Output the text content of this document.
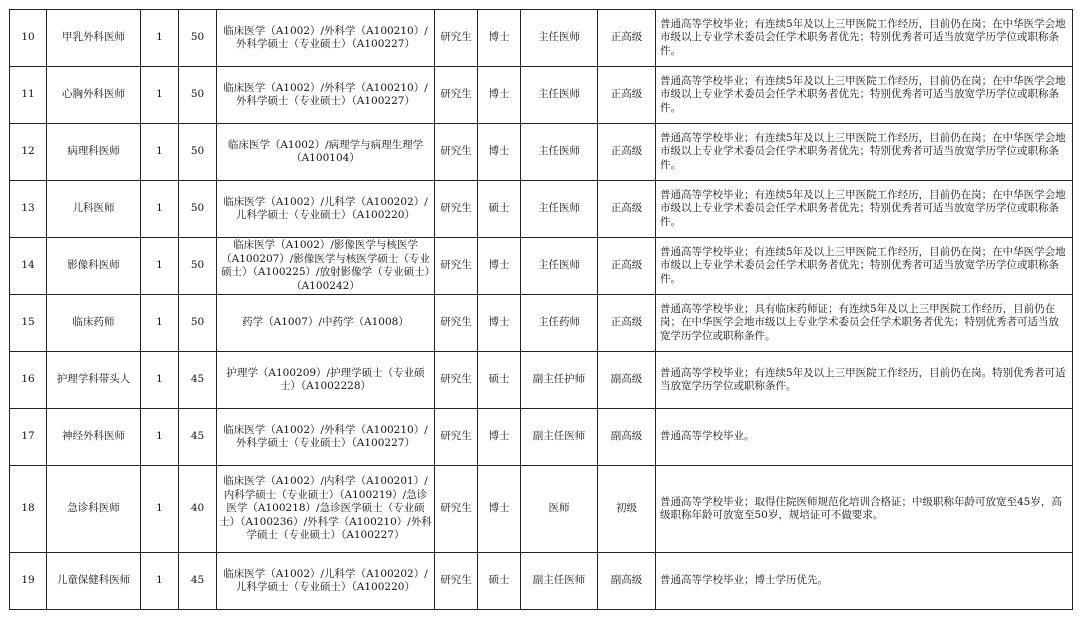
10	甲乳外科医师	1	50	临床医学（A1002）/外科学（A100210）/外科学硕士（专业硕士）（A100227）	研究生	博士	主任医师	正高级	普通高等学校毕业；有连续5年及以上三甲医院工作经历，目前仍在岗；在中华医学会地市级以上专业学术委员会任学术职务者优先；特别优秀者可适当放宽学历学位或职称条件。
11	心胸外科医师	1	50	临床医学（A1002）/外科学（A100210）/外科学硕士（专业硕士）（A100227）	研究生	博士	主任医师	正高级	普通高等学校毕业；有连续5年及以上三甲医院工作经历，目前仍在岗；在中华医学会地市级以上专业学术委员会任学术职务者优先；特别优秀者可适当放宽学历学位或职称条件。
12	病理科医师	1	50	临床医学（A1002）/病理学与病理生理学（A100104）	研究生	博士	主任医师	正高级	普通高等学校毕业；有连续5年及以上三甲医院工作经历，目前仍在岗；在中华医学会地市级以上专业学术委员会任学术职务者优先；特别优秀者可适当放宽学历学位或职称条件。
13	儿科医师	1	50	临床医学（A1002）/儿科学（A100202）/儿科学硕士（专业硕士）（A100220）	研究生	硕士	主任医师	正高级	普通高等学校毕业；有连续5年及以上三甲医院工作经历，目前仍在岗；在中华医学会地市级以上专业学术委员会任学术职务者优先；特别优秀者可适当放宽学历学位或职称条件。
14	影像科医师	1	50	临床医学（A1002）/影像医学与核医学（A100207）/影像医学与核医学硕士（专业硕士）（A100225）/放射影像学（专业硕士）（A100242）	研究生	博士	主任医师	正高级	普通高等学校毕业；有连续5年及以上三甲医院工作经历，目前仍在岗；在中华医学会地市级以上专业学术委员会任学术职务者优先；特别优秀者可适当放宽学历学位或职称条件。
15	临床药师	1	50	药学（A1007）/中药学（A1008）	研究生	博士	主任药师	正高级	普通高等学校毕业；具有临床药师证；有连续5年及以上三甲医院工作经历，目前仍在岗；在中华医学会地市级以上专业学术委员会任学术职务者优先；特别优秀者可适当放宽学历学位或职称条件。
16	护理学科带头人	1	45	护理学（A100209）/护理学硕士（专业硕士）（A1002228）	研究生	硕士	副主任护师	副高级	普通高等学校毕业；有连续5年及以上三甲医院工作经历，目前仍在岗。特别优秀者可适当放宽学历学位或职称条件。
17	神经外科医师	1	45	临床医学（A1002）/外科学（A100210）/外科学硕士（专业硕士）（A100227）	研究生	博士	副主任医师	副高级	普通高等学校毕业。
18	急诊科医师	1	40	临床医学（A1002）/内科学（A100201）/内科学硕士（专业硕士）（A100219）/急诊医学（A100218）/急诊医学硕士（专业硕士）（A100236）/外科学（A100210）/外科学硕士（专业硕士）（A100227）	研究生	博士	医师	初级	普通高等学校毕业；取得住院医师规范化培训合格证；中级职称年龄可放宽至45岁，高级职称年龄可放宽至50岁，规培证可不做要求。
19	儿童保健科医师	1	45	临床医学（A1002）/儿科学（A100202）/儿科学硕士（专业硕士）（A100220）	研究生	硕士	副主任医师	副高级	普通高等学校毕业；博士学历优先。
